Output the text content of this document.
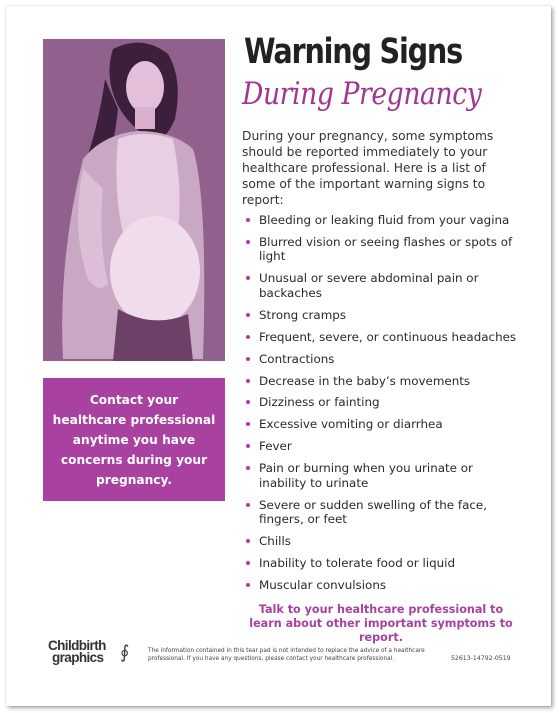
Contact your healthcare professional anytime you have concerns during your pregnancy.
Warning Signs
During Pregnancy
During your pregnancy, some symptoms should be reported immediately to your healthcare professional. Here is a list of some of the important warning signs to report:
Bleeding or leaking fluid from your vagina
Blurred vision or seeing flashes or spots of light
Unusual or severe abdominal pain or backaches
Strong cramps
Frequent, severe, or continuous headaches
Contractions
Decrease in the baby’s movements
Dizziness or fainting
Excessive vomiting or diarrhea
Fever
Pain or burning when you urinate or inability to urinate
Severe or sudden swelling of the face, fingers, or feet
Chills
Inability to tolerate food or liquid
Muscular convulsions
Talk to your healthcare professional to learn about other important symptoms to report.
Childbirth
graphics ∮	The information contained in this tear pad is not intended to replace the advice of a healthcare professional. If you have any questions, please contact your healthcare professional.	52613-14792-0519
